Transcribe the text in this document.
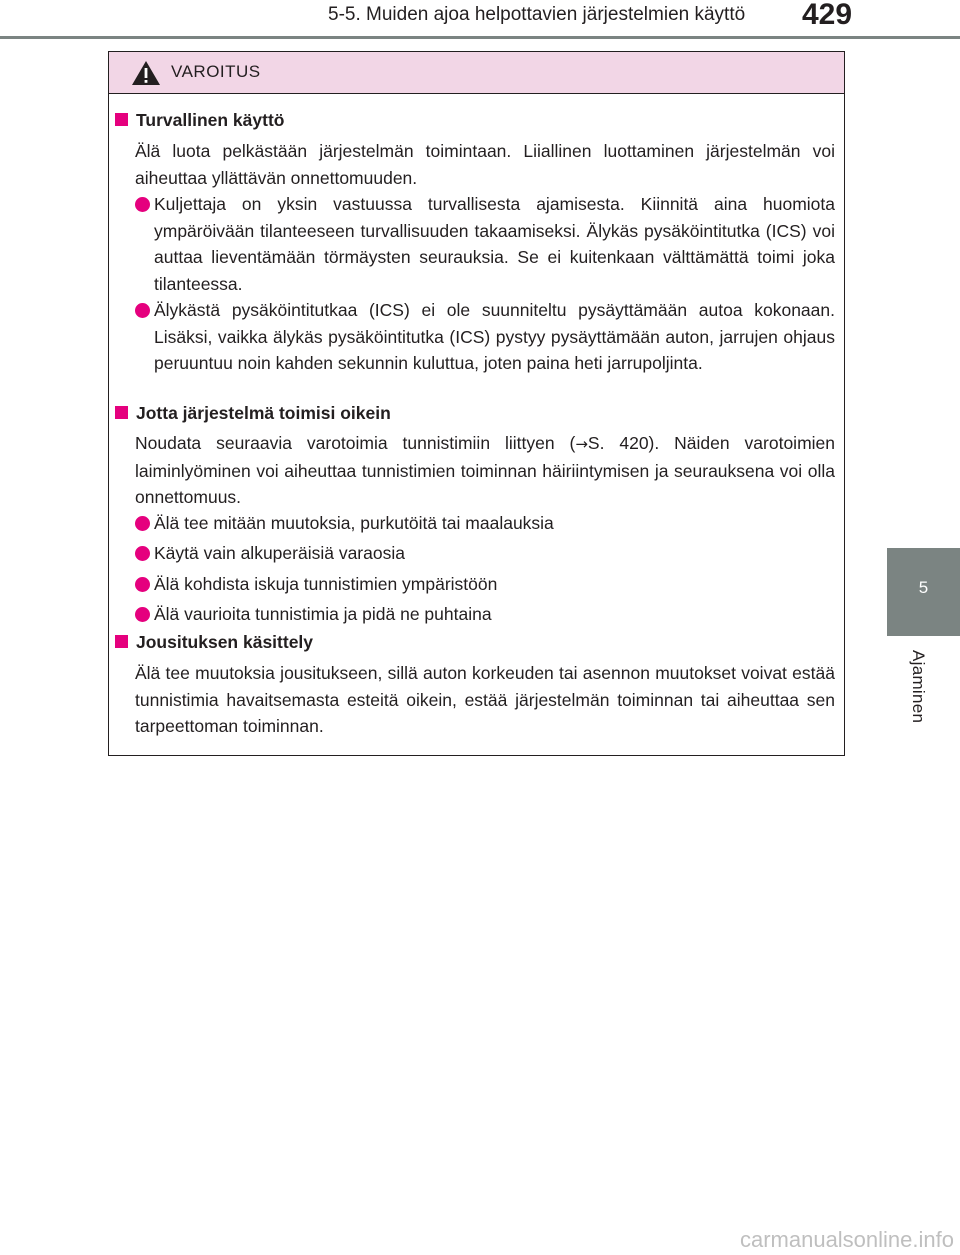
5-5. Muiden ajoa helpottavien järjestelmien käyttö 429
5
Ajaminen
VAROITUS
Turvallinen käyttö
Älä luota pelkästään järjestelmän toimintaan. Liiallinen luottaminen järjestelmän voi aiheuttaa yllättävän onnettomuuden.
Kuljettaja on yksin vastuussa turvallisesta ajamisesta. Kiinnitä aina huomiota ympäröivään tilanteeseen turvallisuuden takaamiseksi. Älykäs pysäköintitutka (ICS) voi auttaa lieventämään törmäysten seurauksia. Se ei kuitenkaan välttämättä toimi joka tilanteessa.
Älykästä pysäköintitutkaa (ICS) ei ole suunniteltu pysäyttämään autoa kokonaan. Lisäksi, vaikka älykäs pysäköintitutka (ICS) pystyy pysäyttämään auton, jarrujen ohjaus peruuntuu noin kahden sekunnin kuluttua, joten paina heti jarrupoljinta.
Jotta järjestelmä toimisi oikein
Noudata seuraavia varotoimia tunnistimiin liittyen (→S. 420). Näiden varotoimien laiminlyöminen voi aiheuttaa tunnistimien toiminnan häiriintymisen ja seurauksena voi olla onnettomuus.
Älä tee mitään muutoksia, purkutöitä tai maalauksia
Käytä vain alkuperäisiä varaosia
Älä kohdista iskuja tunnistimien ympäristöön
Älä vaurioita tunnistimia ja pidä ne puhtaina
Jousituksen käsittely
Älä tee muutoksia jousitukseen, sillä auton korkeuden tai asennon muutokset voivat estää tunnistimia havaitsemasta esteitä oikein, estää järjestelmän toiminnan tai aiheuttaa sen tarpeettoman toiminnan.
carmanualsonline.info
